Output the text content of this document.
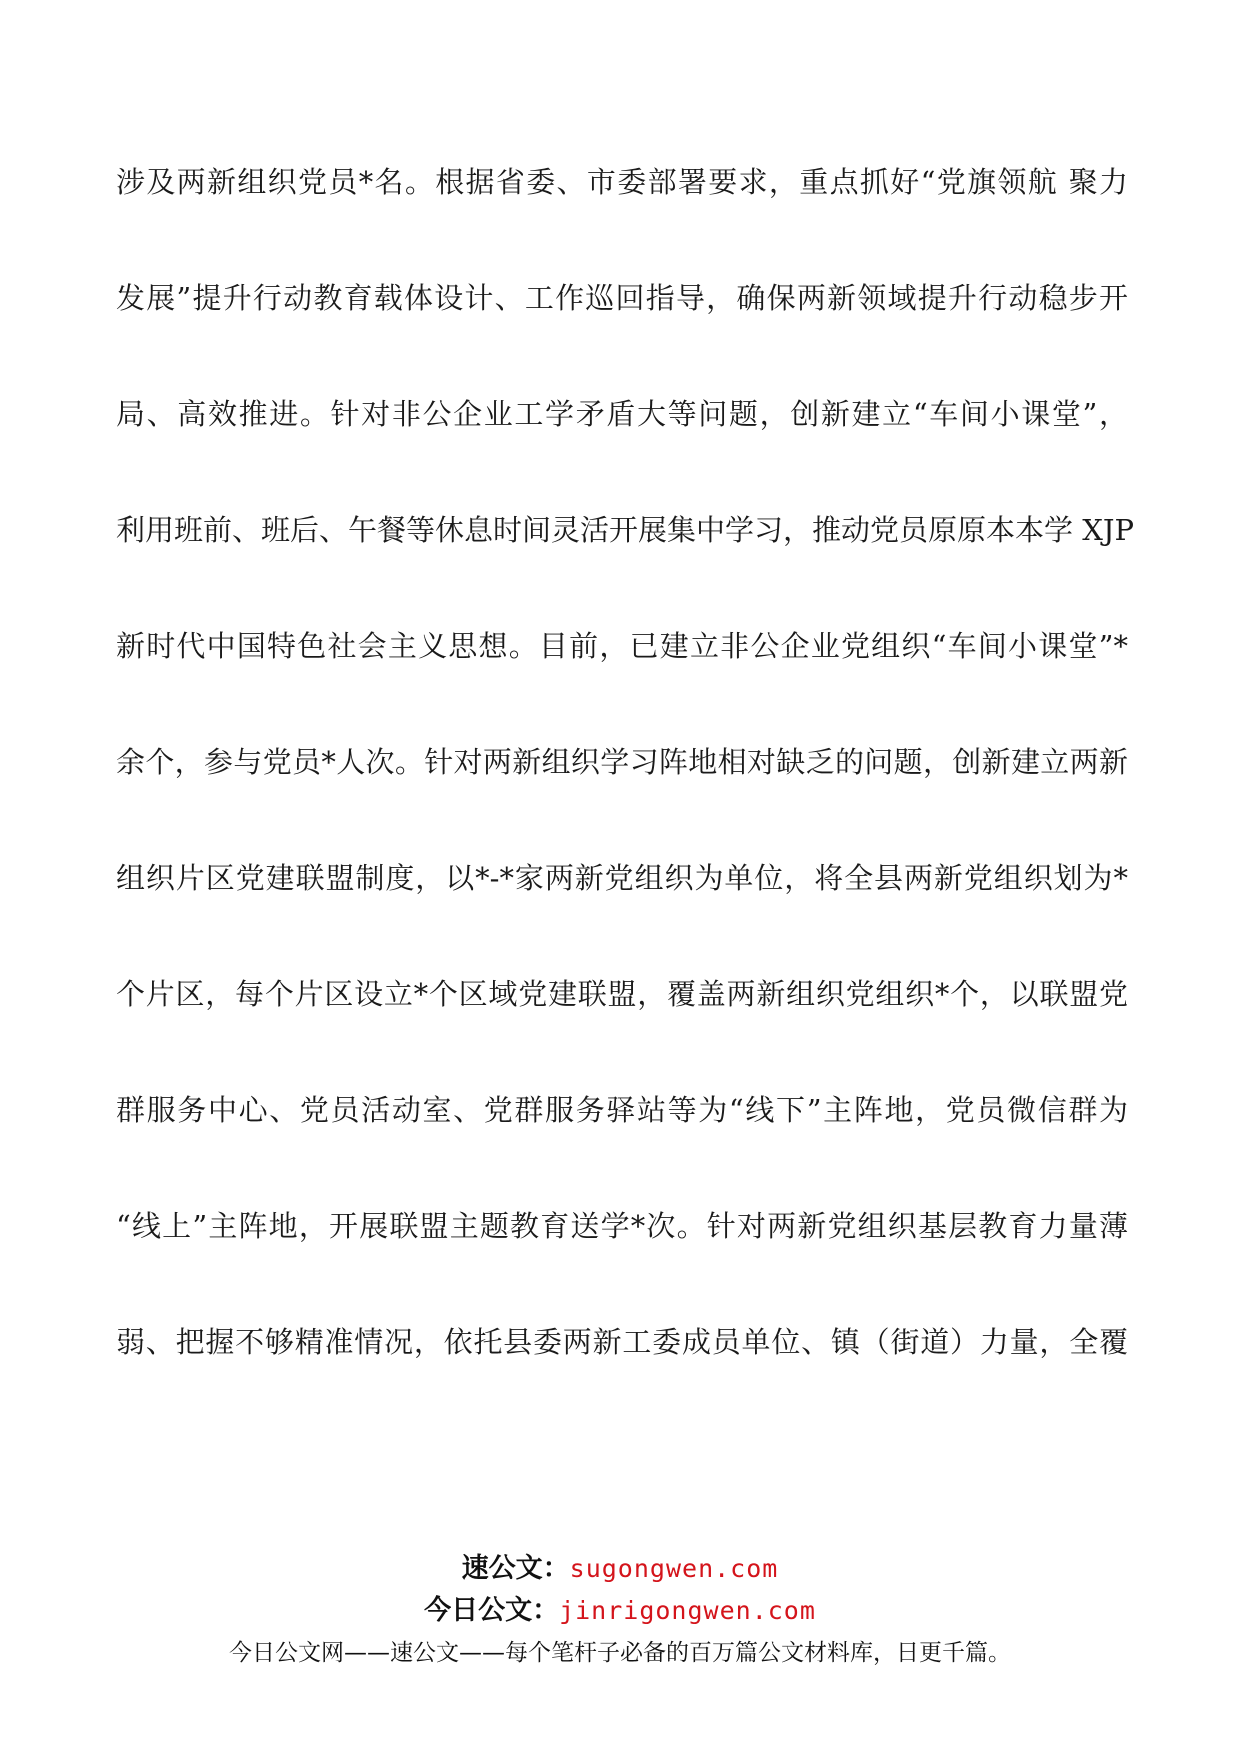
涉及两新组织党员*名。根据省委、市委部署要求，重点抓好“党旗领航 聚力
发展”提升行动教育载体设计、工作巡回指导，确保两新领域提升行动稳步开
局、高效推进。针对非公企业工学矛盾大等问题，创新建立“车间小课堂”，
利用班前、班后、午餐等休息时间灵活开展集中学习，推动党员原原本本学 XJP
新时代中国特色社会主义思想。目前，已建立非公企业党组织“车间小课堂”*
余个，参与党员*人次。针对两新组织学习阵地相对缺乏的问题，创新建立两新
组织片区党建联盟制度，以*-*家两新党组织为单位，将全县两新党组织划为*
个片区，每个片区设立*个区域党建联盟，覆盖两新组织党组织*个，以联盟党
群服务中心、党员活动室、党群服务驿站等为“线下”主阵地，党员微信群为
“线上”主阵地，开展联盟主题教育送学*次。针对两新党组织基层教育力量薄
弱、把握不够精准情况，依托县委两新工委成员单位、镇（街道）力量，全覆
速公文：sugongwen.com
今日公文：jinrigongwen.com
今日公文网——速公文——每个笔杆子必备的百万篇公文材料库，日更千篇。
